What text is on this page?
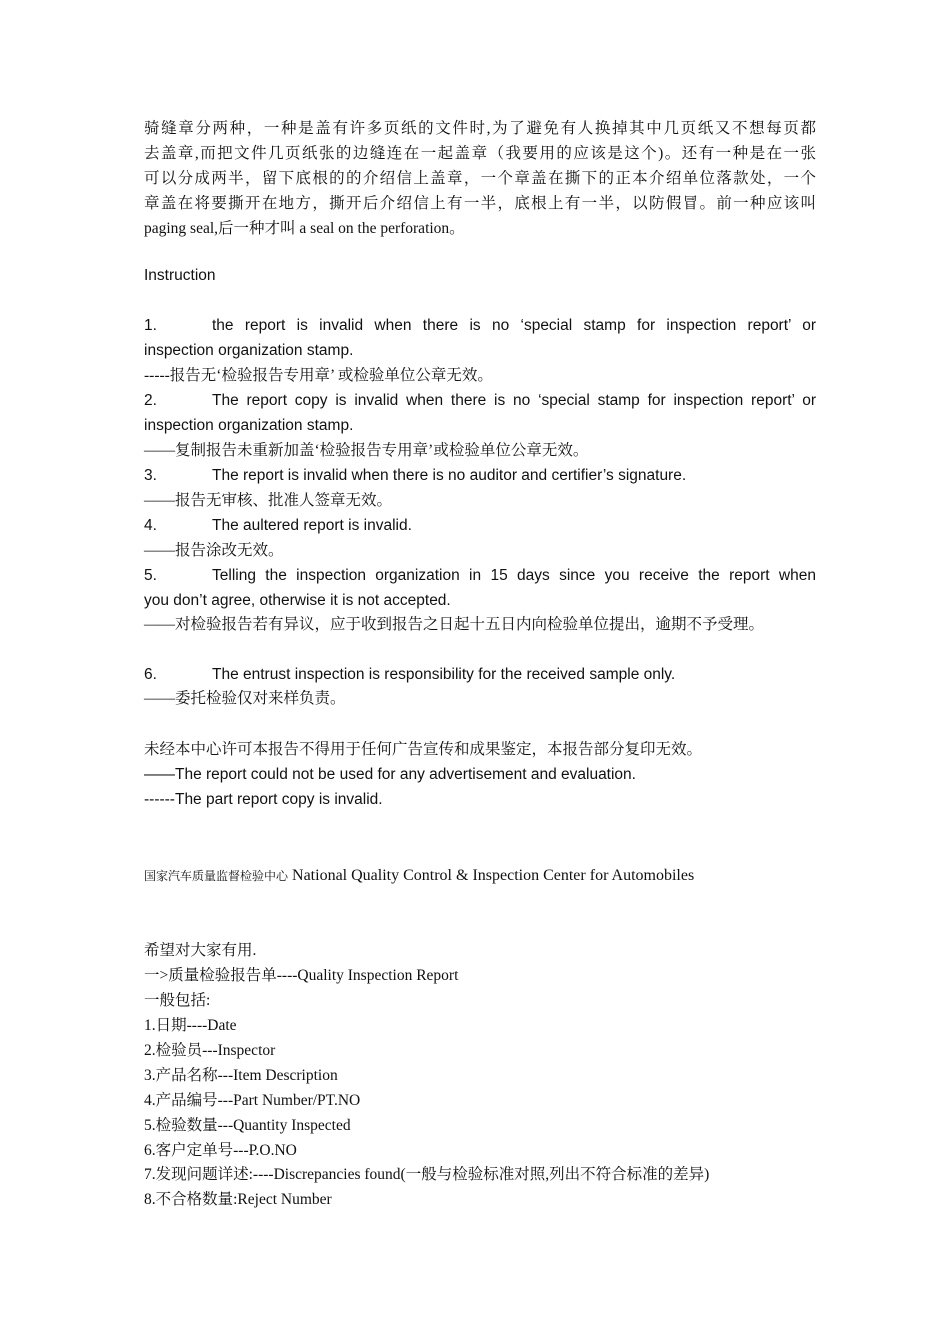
骑缝章分两种，一种是盖有许多页纸的文件时,为了避免有人换掉其中几页纸又不想每页都
去盖章,而把文件几页纸张的边缝连在一起盖章（我要用的应该是这个)。还有一种是在一张
可以分成两半，留下底根的的介绍信上盖章，一个章盖在撕下的正本介绍单位落款处，一个
章盖在将要撕开在地方，撕开后介绍信上有一半，底根上有一半，以防假冒。前一种应该叫
paging seal,后一种才叫 a seal on the perforation。
Instruction
1.	the report is invalid when there is no ‘special stamp for inspection report’ or
inspection organization stamp.
-----报告无‘检验报告专用章’ 或检验单位公章无效。
2.	The report copy is invalid when there is no ‘special stamp for inspection report’ or
inspection organization stamp.
——复制报告未重新加盖‘检验报告专用章’或检验单位公章无效。
3.	The report is invalid when there is no auditor and certifier’s signature.
——报告无审核、批准人签章无效。
4.	The aultered report is invalid.
——报告涂改无效。
5.	Telling the inspection organization in 15 days since you receive the report when
you don’t agree, otherwise it is not accepted.
——对检验报告若有异议，应于收到报告之日起十五日内向检验单位提出，逾期不予受理。
6.	The entrust inspection is responsibility for the received sample only.
——委托检验仅对来样负责。
未经本中心许可本报告不得用于任何广告宣传和成果鉴定，本报告部分复印无效。
——The report could not be used for any advertisement and evaluation.
------The part report copy is invalid.
国家汽车质量监督检验中心 National Quality Control & Inspection Center for Automobiles
希望对大家有用.
一>质量检验报告单----Quality Inspection Report
一般包括:
1.日期----Date
2.检验员---Inspector
3.产品名称---Item Description
4.产品编号---Part Number/PT.NO
5.检验数量---Quantity Inspected
6.客户定单号---P.O.NO
7.发现问题详述:----Discrepancies found(一般与检验标准对照,列出不符合标准的差异)
8.不合格数量:Reject Number
